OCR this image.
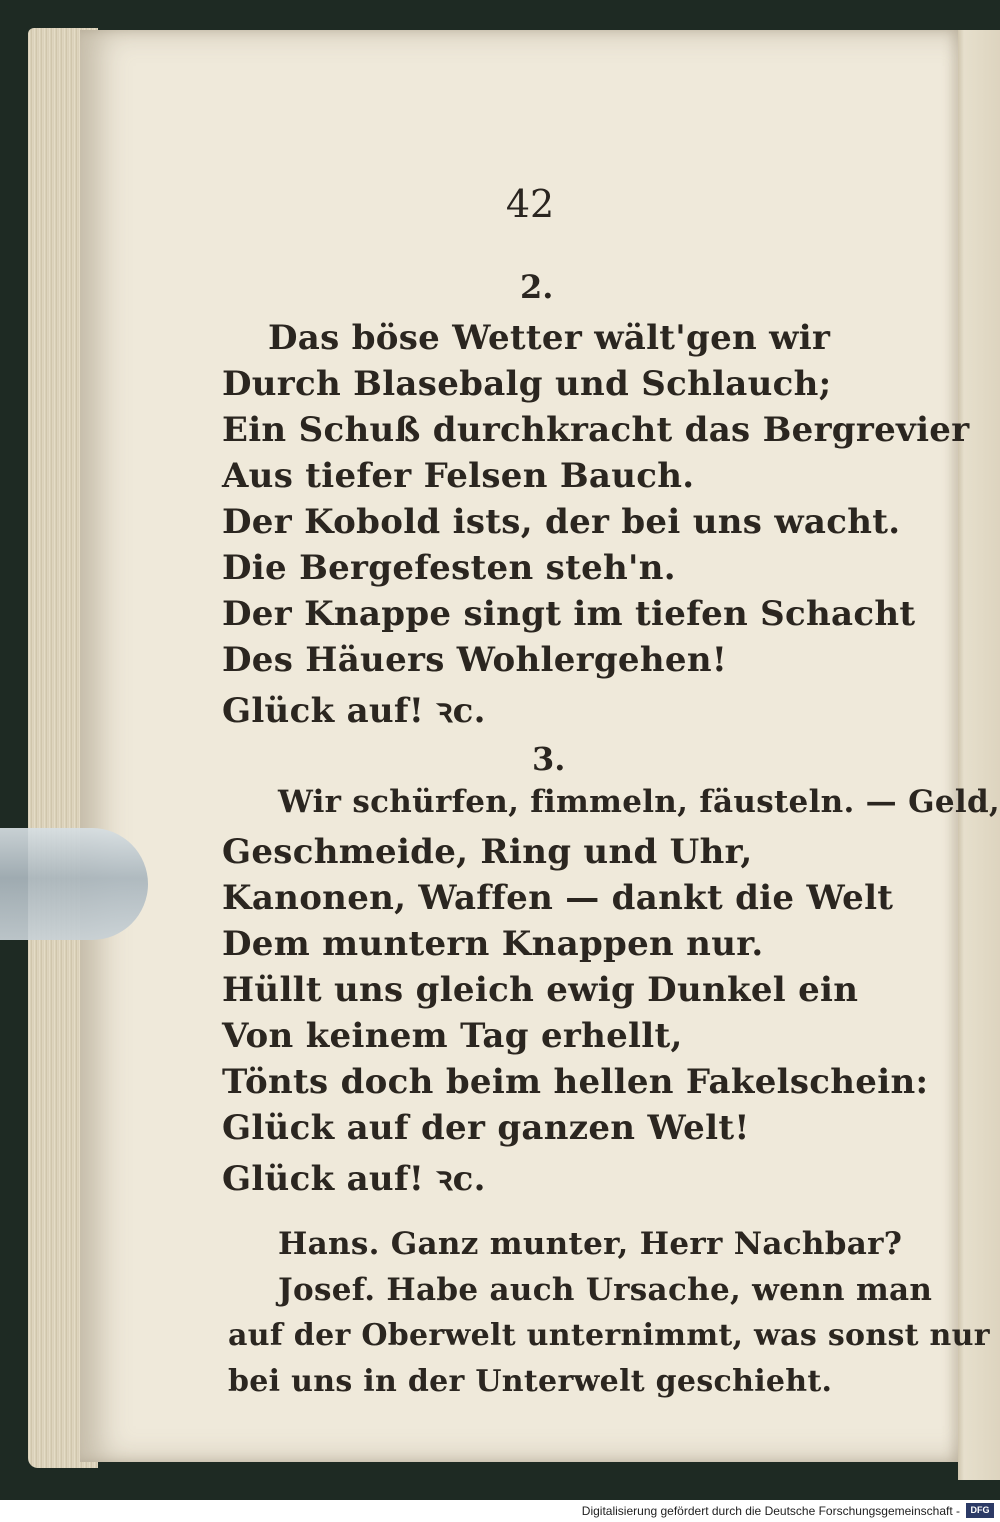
42
2.
Das böse Wetter wält'gen wir
Durch Blasebalg und Schlauch;
Ein Schuß durchkracht das Bergrevier
Aus tiefer Felsen Bauch.
Der Kobold ists, der bei uns wacht.
Die Bergefesten steh'n.
Der Knappe singt im tiefen Schacht
Des Häuers Wohlergehen!
Glück auf! ꝛc.
3.
Wir schürfen, fimmeln, fäusteln. — Geld,
Geschmeide, Ring und Uhr,
Kanonen, Waffen — dankt die Welt
Dem muntern Knappen nur.
Hüllt uns gleich ewig Dunkel ein
Von keinem Tag erhellt,
Tönts doch beim hellen Fakelschein:
Glück auf der ganzen Welt!
Glück auf! ꝛc.
Hans. Ganz munter, Herr Nachbar?
Josef. Habe auch Ursache, wenn man
auf der Oberwelt unternimmt, was sonst nur
bei uns in der Unterwelt geschieht.
Digitalisierung gefördert durch die Deutsche Forschungsgemeinschaft -	DFG
